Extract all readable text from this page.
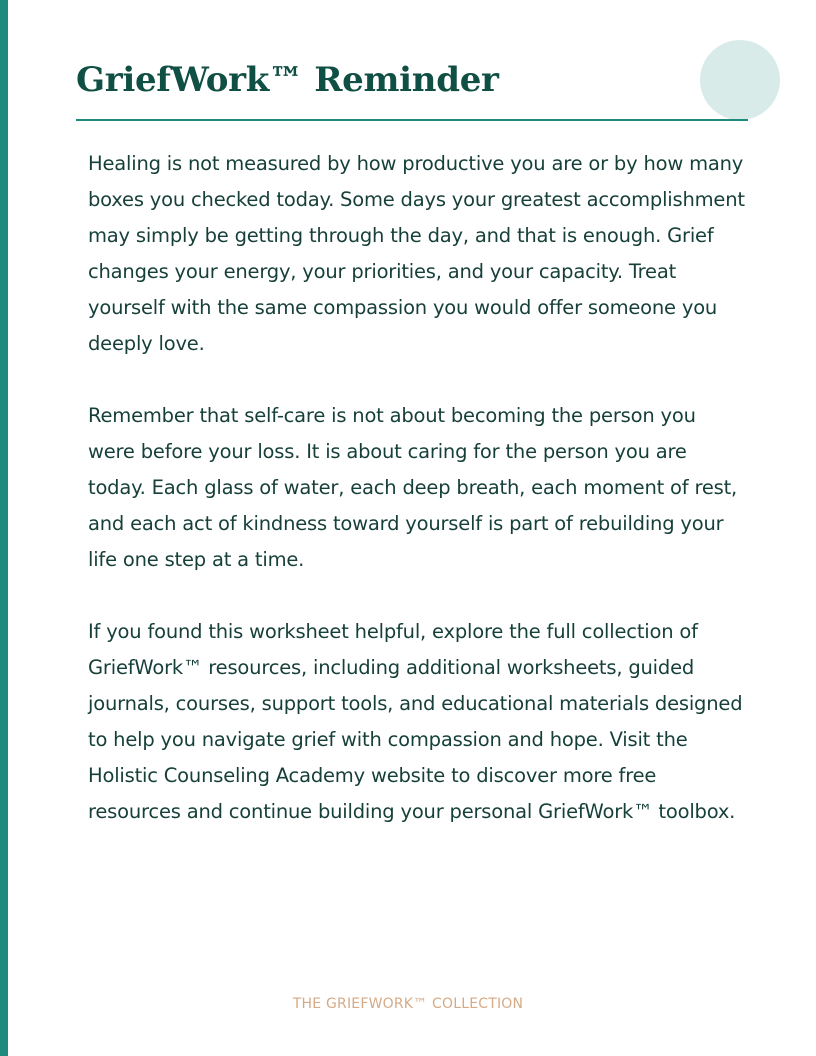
GriefWork™ Reminder

Healing is not measured by how productive you are or by how many boxes you checked today. Some days your greatest accomplishment may simply be getting through the day, and that is enough. Grief changes your energy, your priorities, and your capacity. Treat yourself with the same compassion you would offer someone you deeply love.

Remember that self-care is not about becoming the person you were before your loss. It is about caring for the person you are today. Each glass of water, each deep breath, each moment of rest, and each act of kindness toward yourself is part of rebuilding your life one step at a time.

If you found this worksheet helpful, explore the full collection of GriefWork™ resources, including additional worksheets, guided journals, courses, support tools, and educational materials designed to help you navigate grief with compassion and hope. Visit the Holistic Counseling Academy website to discover more free resources and continue building your personal GriefWork™ toolbox.

THE GRIEFWORK™ COLLECTION
